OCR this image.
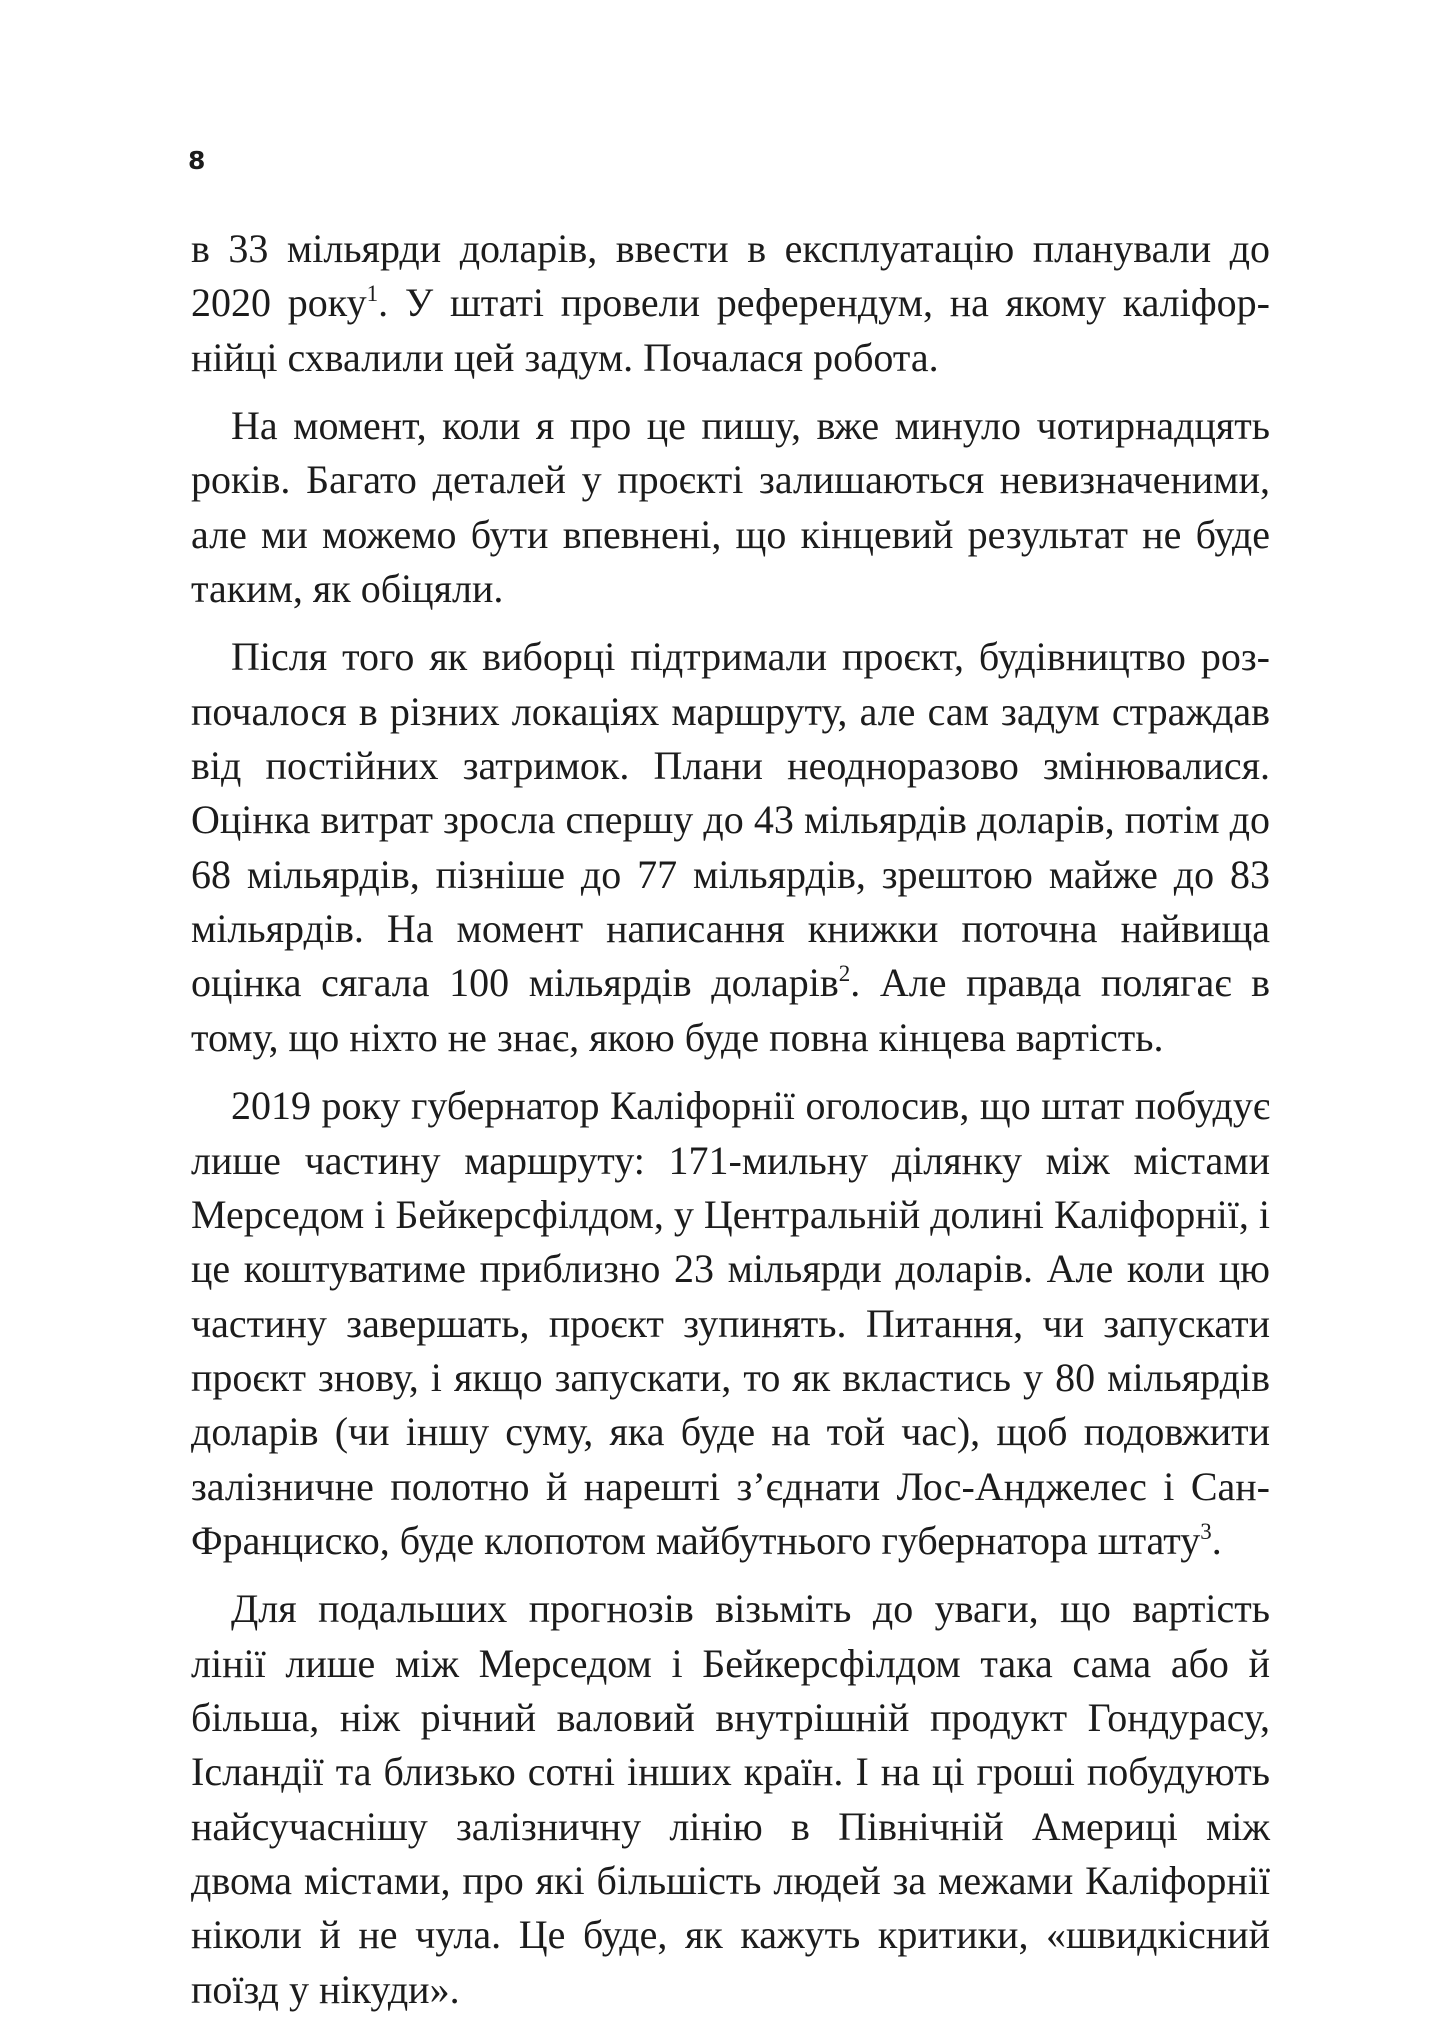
8

в 33 мільярди доларів, ввести в експлуатацію планували до 2020 року$^1$. У штаті провели референдум, на якому каліфорнійці схвалили цей задум. Почалася робота.

На момент, коли я про це пишу, вже минуло чотирнадцять років. Багато деталей у проєкті залишаються невизначеними, але ми можемо бути впевнені, що кінцевий результат не буде таким, як обіцяли.

Після того як виборці підтримали проєкт, будівництво розпочалося в різних локаціях маршруту, але сам задум страждав від постійних затримок. Плани неодноразово змінювалися. Оцінка витрат зросла спершу до 43 мільярдів доларів, потім до 68 мільярдів, пізніше до 77 мільярдів, зрештою майже до 83 мільярдів. На момент написання книжки поточна найвища оцінка сягала 100 мільярдів доларів$^2$. Але правда полягає в тому, що ніхто не знає, якою буде повна кінцева вартість.

2019 року губернатор Каліфорнії оголосив, що штат побудує лише частину маршруту: 171-мильну ділянку між містами Мерседом і Бейкерсфілдом, у Центральній долині Каліфорнії, і це коштуватиме приблизно 23 мільярди доларів. Але коли цю частину завершать, проєкт зупинять. Питання, чи запускати проєкт знову, і якщо запускати, то як вкластись у 80 мільярдів доларів (чи іншу суму, яка буде на той час), щоб подовжити залізничне полотно й нарешті з’єднати Лос-Анджелес і Сан-Франциско, буде клопотом майбутнього губернатора штату$^3$.

Для подальших прогнозів візьміть до уваги, що вартість лінії лише між Мерседом і Бейкерсфілдом така сама або й більша, ніж річний валовий внутрішній продукт Гондурасу, Ісландії та близько сотні інших країн. І на ці гроші побудують найсучаснішу залізничну лінію в Північній Америці між двома містами, про які більшість людей за межами Каліфорнії ніколи й не чула. Це буде, як кажуть критики, «швидкісний поїзд у нікуди».
